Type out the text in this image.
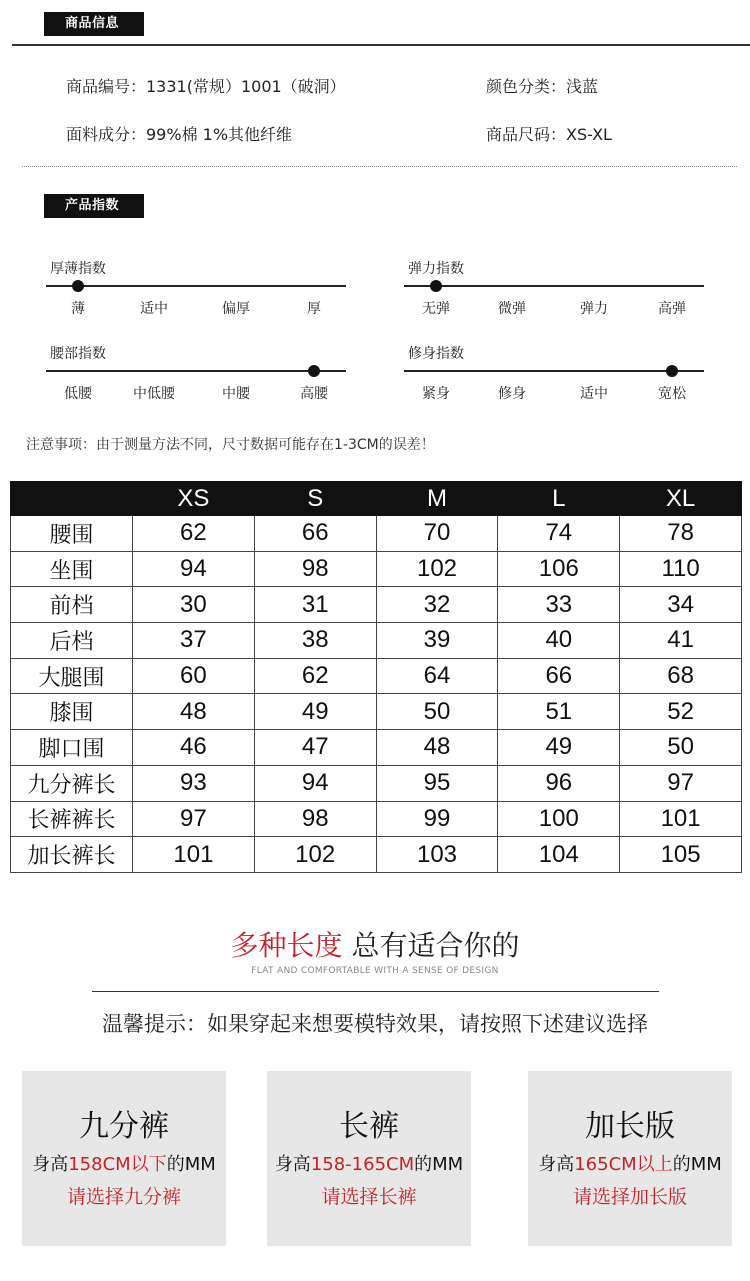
商品信息
商品编号：1331(常规）1001（破洞）
面料成分：99%棉 1%其他纤维
颜色分类：浅蓝
商品尺码：XS-XL
产品指数
厚薄指数
薄	适中	偏厚	厚
弹力指数
无弹	微弹	弹力	高弹
腰部指数
低腰	中低腰	中腰	高腰
修身指数
紧身	修身	适中	宽松
注意事项：由于测量方法不同，尺寸数据可能存在1-3CM的误差！
	XS	S	M	L	XL
腰围	62	66	70	74	78
坐围	94	98	102	106	110
前档	30	31	32	33	34
后档	37	38	39	40	41
大腿围	60	62	64	66	68
膝围	48	49	50	51	52
脚口围	46	47	48	49	50
九分裤长	93	94	95	96	97
长裤裤长	97	98	99	100	101
加长裤长	101	102	103	104	105
多种长度 总有适合你的
FLAT AND COMFORTABLE WITH A SENSE OF DESIGN
温馨提示：如果穿起来想要模特效果，请按照下述建议选择
九分裤
身高158CM以下的MM
请选择九分裤
长裤
身高158-165CM的MM
请选择长裤
加长版
身高165CM以上的MM
请选择加长版
